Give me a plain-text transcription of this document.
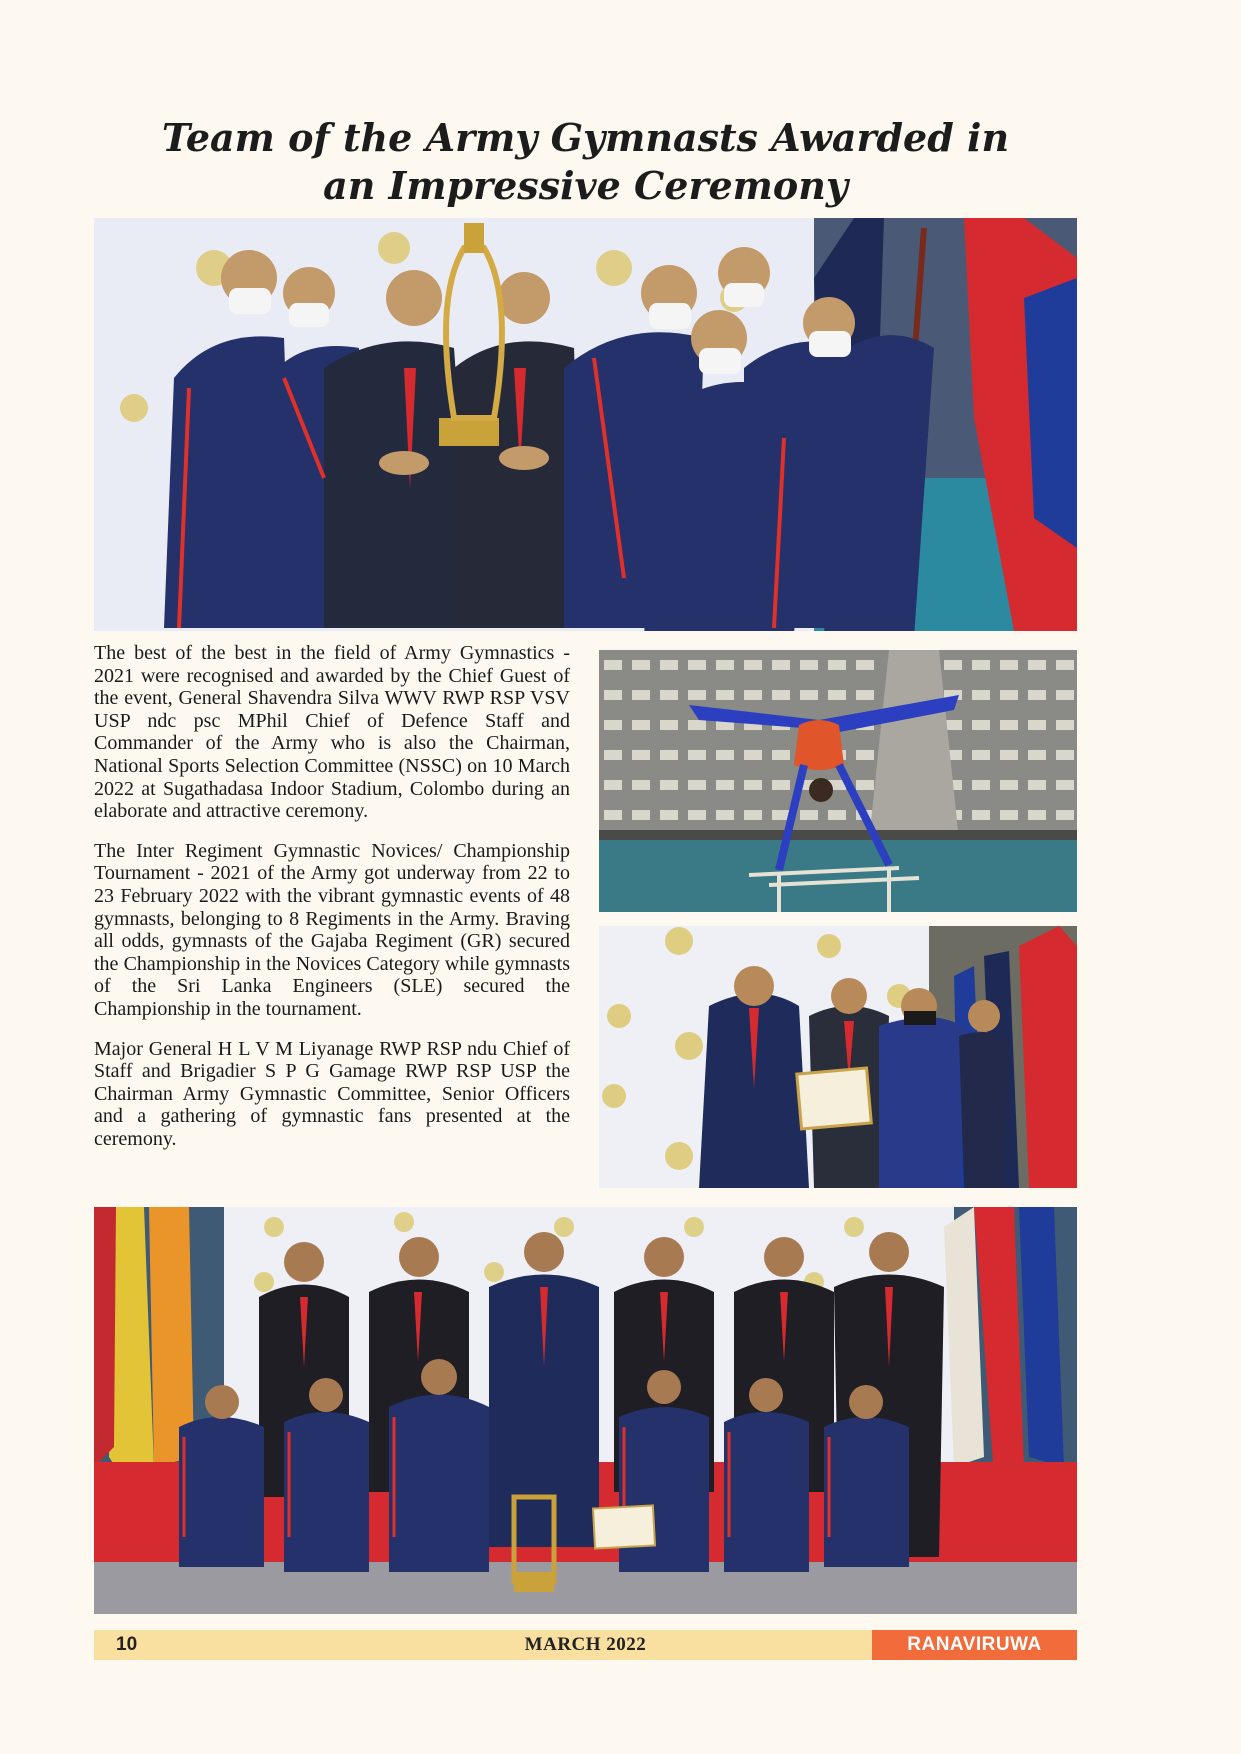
Team of the Army Gymnasts Awarded in
an Impressive Ceremony

The best of the best in the field of Army Gymnastics - 2021 were recognised and awarded by the Chief Guest of the event, General Shavendra Silva WWV RWP RSP VSV USP ndc psc MPhil Chief of Defence Staff and Commander of the Army who is also the Chairman, National Sports Selection Committee (NSSC) on 10 March 2022 at Sugathadasa Indoor Stadium, Colombo during an elaborate and attractive ceremony.

The Inter Regiment Gymnastic Novices/ Championship Tournament - 2021 of the Army got underway from 22 to 23 February 2022 with the vibrant gymnastic events of 48 gymnasts, belonging to 8 Regiments in the Army. Braving all odds, gymnasts of the Gajaba Regiment (GR) secured the Championship in the Novices Category while gymnasts of the Sri Lanka Engineers (SLE) secured the Championship in the tournament.

Major General H L V M Liyanage RWP RSP ndu Chief of Staff and Brigadier S P G Gamage RWP RSP USP the Chairman Army Gymnastic Committee, Senior Officers and a gathering of gymnastic fans presented at the ceremony.

10	MARCH 2022	RANAVIRUWA
